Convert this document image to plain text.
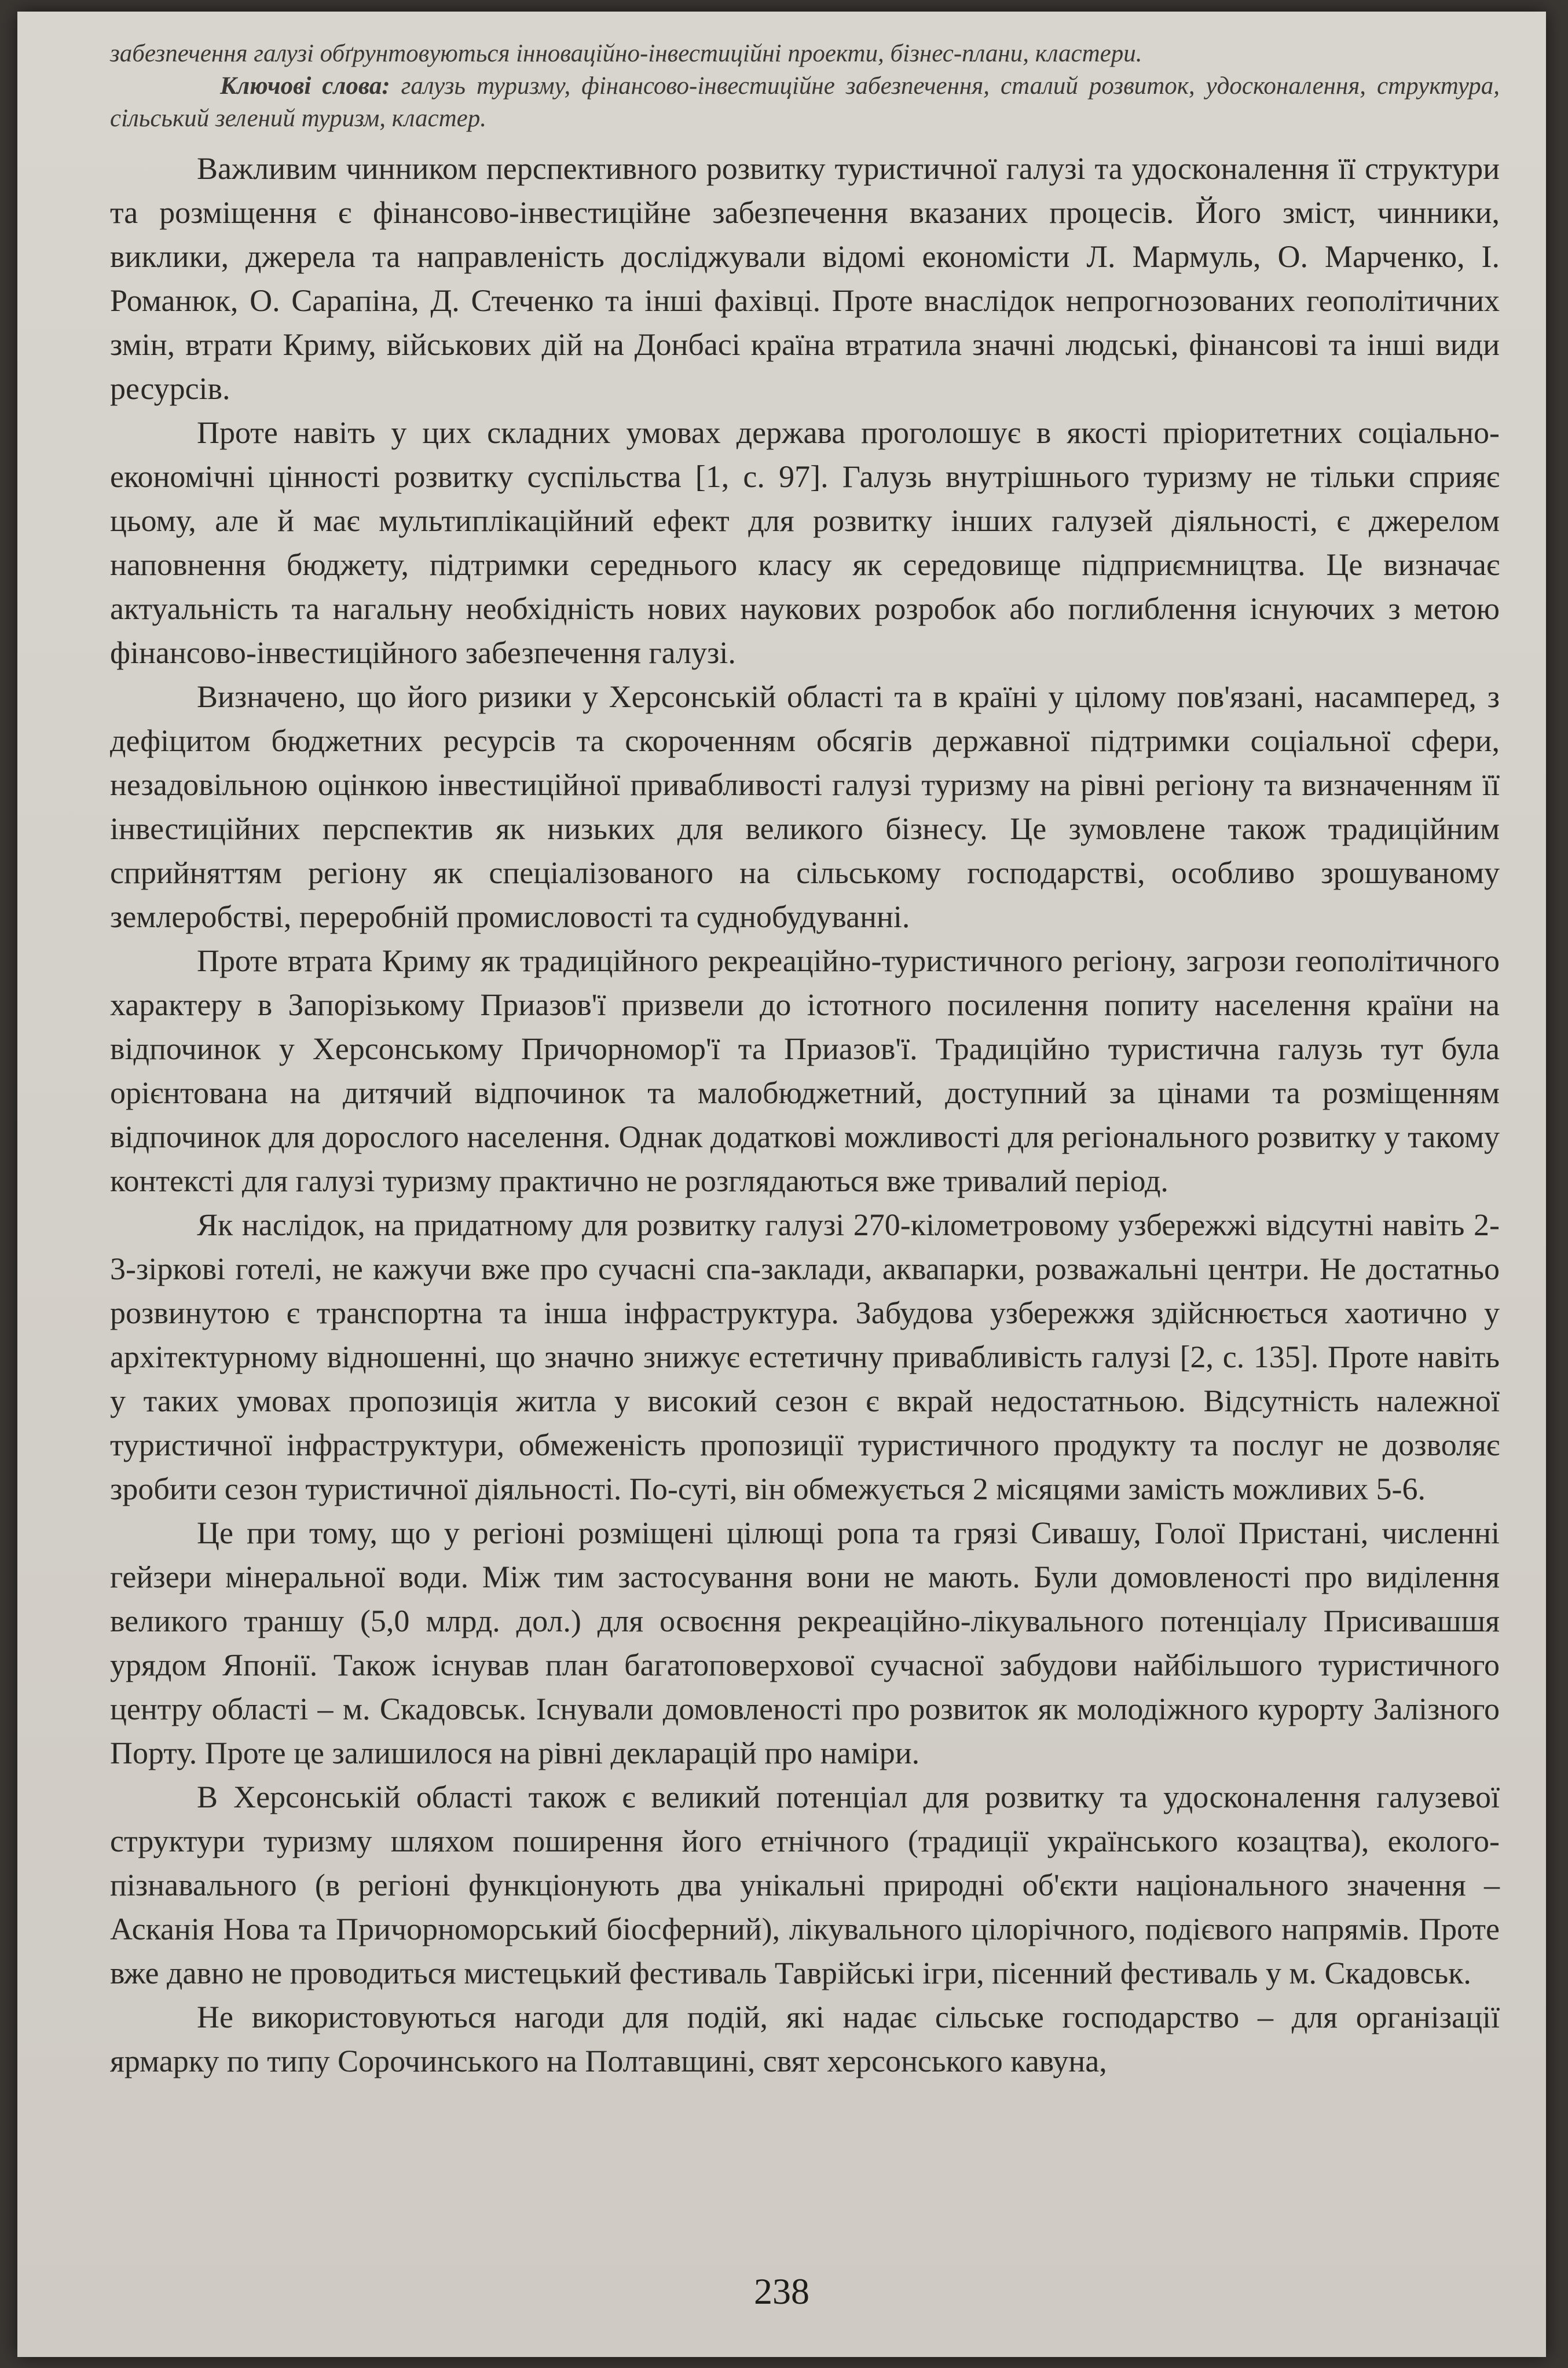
забезпечення галузі обґрунтовуються інноваційно-інвестиційні проекти, бізнес-плани, кластери.

Ключові слова: галузь туризму, фінансово-інвестиційне забезпечення, сталий розвиток, удосконалення, структура, сільський зелений туризм, кластер.

Важливим чинником перспективного розвитку туристичної галузі та удосконалення її структури та розміщення є фінансово-інвестиційне забезпечення вказаних процесів. Його зміст, чинники, виклики, джерела та направленість досліджували відомі економісти Л. Мармуль, О. Марченко, І. Романюк, О. Сарапіна, Д. Стеченко та інші фахівці. Проте внаслідок непрогнозованих геополітичних змін, втрати Криму, військових дій на Донбасі країна втратила значні людські, фінансові та інші види ресурсів.

Проте навіть у цих складних умовах держава проголошує в якості пріоритетних соціально-економічні цінності розвитку суспільства [1, с. 97]. Галузь внутрішнього туризму не тільки сприяє цьому, але й має мультиплікаційний ефект для розвитку інших галузей діяльності, є джерелом наповнення бюджету, підтримки середнього класу як середовище підприємництва. Це визначає актуальність та нагальну необхідність нових наукових розробок або поглиблення існуючих з метою фінансово-інвестиційного забезпечення галузі.

Визначено, що його ризики у Херсонській області та в країні у цілому пов'язані, насамперед, з дефіцитом бюджетних ресурсів та скороченням обсягів державної підтримки соціальної сфери, незадовільною оцінкою інвестиційної привабливості галузі туризму на рівні регіону та визначенням її інвестиційних перспектив як низьких для великого бізнесу. Це зумовлене також традиційним сприйняттям регіону як спеціалізованого на сільському господарстві, особливо зрошуваному землеробстві, переробній промисловості та суднобудуванні.

Проте втрата Криму як традиційного рекреаційно-туристичного регіону, загрози геополітичного характеру в Запорізькому Приазов'ї призвели до істотного посилення попиту населення країни на відпочинок у Херсонському Причорномор'ї та Приазов'ї. Традиційно туристична галузь тут була орієнтована на дитячий відпочинок та малобюджетний, доступний за цінами та розміщенням відпочинок для дорослого населення. Однак додаткові можливості для регіонального розвитку у такому контексті для галузі туризму практично не розглядаються вже тривалий період.

Як наслідок, на придатному для розвитку галузі 270-кілометровому узбережжі відсутні навіть 2-3-зіркові готелі, не кажучи вже про сучасні спа-заклади, аквапарки, розважальні центри. Не достатньо розвинутою є транспортна та інша інфраструктура. Забудова узбережжя здійснюється хаотично у архітектурному відношенні, що значно знижує естетичну привабливість галузі [2, с. 135]. Проте навіть у таких умовах пропозиція житла у високий сезон є вкрай недостатньою. Відсутність належної туристичної інфраструктури, обмеженість пропозиції туристичного продукту та послуг не дозволяє зробити сезон туристичної діяльності. По-суті, він обмежується 2 місяцями замість можливих 5-6.

Це при тому, що у регіоні розміщені цілющі ропа та грязі Сивашу, Голої Пристані, численні гейзери мінеральної води. Між тим застосування вони не мають. Були домовленості про виділення великого траншу (5,0 млрд. дол.) для освоєння рекреаційно-лікувального потенціалу Присивашшя урядом Японії. Також існував план багатоповерхової сучасної забудови найбільшого туристичного центру області – м. Скадовськ. Існували домовленості про розвиток як молодіжного курорту Залізного Порту. Проте це залишилося на рівні декларацій про наміри.

В Херсонській області також є великий потенціал для розвитку та удосконалення галузевої структури туризму шляхом поширення його етнічного (традиції українського козацтва), еколого-пізнавального (в регіоні функціонують два унікальні природні об'єкти національного значення – Асканія Нова та Причорноморський біосферний), лікувального цілорічного, подієвого напрямів. Проте вже давно не проводиться мистецький фестиваль Таврійські ігри, пісенний фестиваль у м. Скадовськ.

Не використовуються нагоди для подій, які надає сільське господарство – для організації ярмарку по типу Сорочинського на Полтавщині, свят херсонського кавуна,

238
